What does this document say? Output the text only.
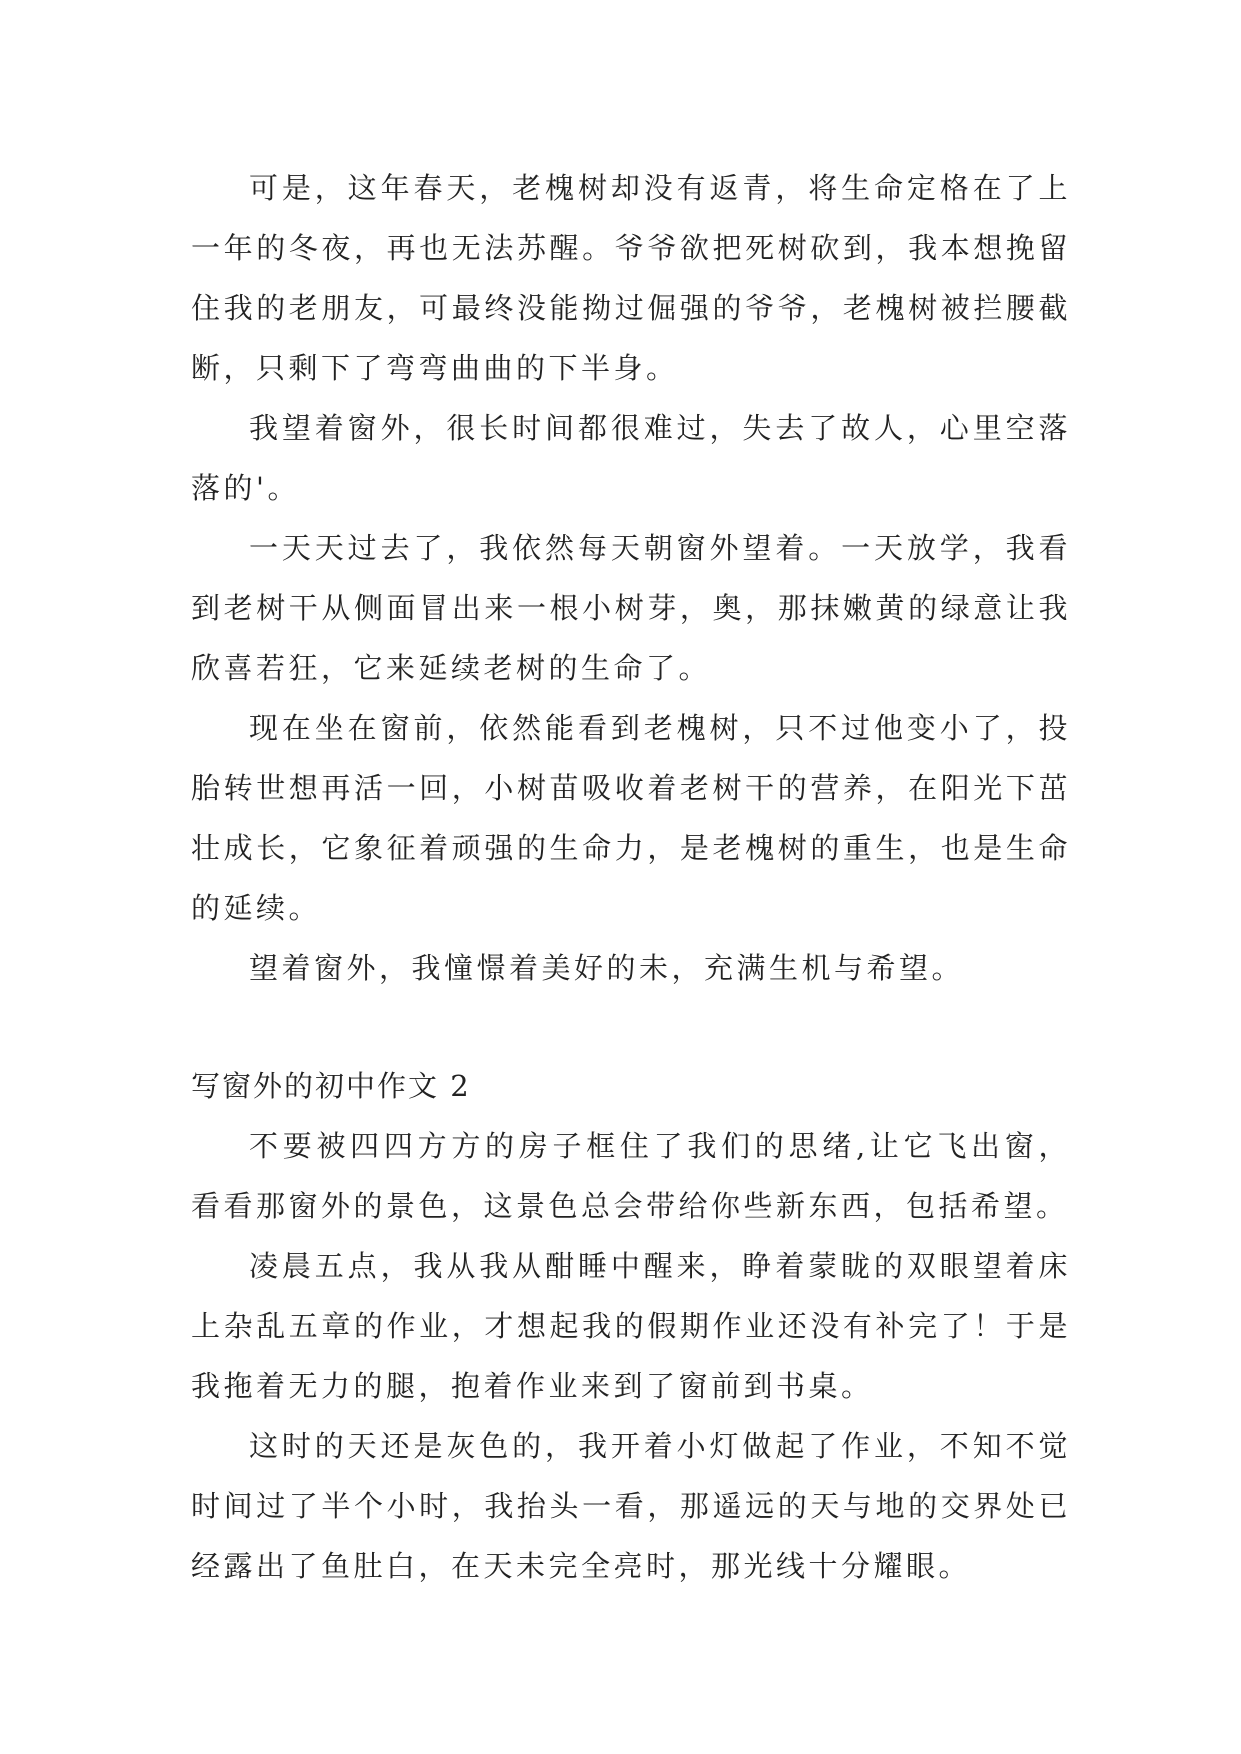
可是，这年春天，老槐树却没有返青，将生命定格在了上一年的冬夜，再也无法苏醒。爷爷欲把死树砍到，我本想挽留住我的老朋友，可最终没能拗过倔强的爷爷，老槐树被拦腰截断，只剩下了弯弯曲曲的下半身。

我望着窗外，很长时间都很难过，失去了故人，心里空落落的'。

一天天过去了，我依然每天朝窗外望着。一天放学，我看到老树干从侧面冒出来一根小树芽，奥，那抹嫩黄的绿意让我欣喜若狂，它来延续老树的生命了。

现在坐在窗前，依然能看到老槐树，只不过他变小了，投胎转世想再活一回，小树苗吸收着老树干的营养，在阳光下茁壮成长，它象征着顽强的生命力，是老槐树的重生，也是生命的延续。

望着窗外，我憧憬着美好的未，充满生机与希望。

写窗外的初中作文 2

不要被四四方方的房子框住了我们的思绪,让它飞出窗，看看那窗外的景色，这景色总会带给你些新东西，包括希望。

凌晨五点，我从我从酣睡中醒来，睁着蒙眬的双眼望着床上杂乱五章的作业，才想起我的假期作业还没有补完了！于是我拖着无力的腿，抱着作业来到了窗前到书桌。

这时的天还是灰色的，我开着小灯做起了作业，不知不觉时间过了半个小时，我抬头一看，那遥远的天与地的交界处已经露出了鱼肚白，在天未完全亮时，那光线十分耀眼。
